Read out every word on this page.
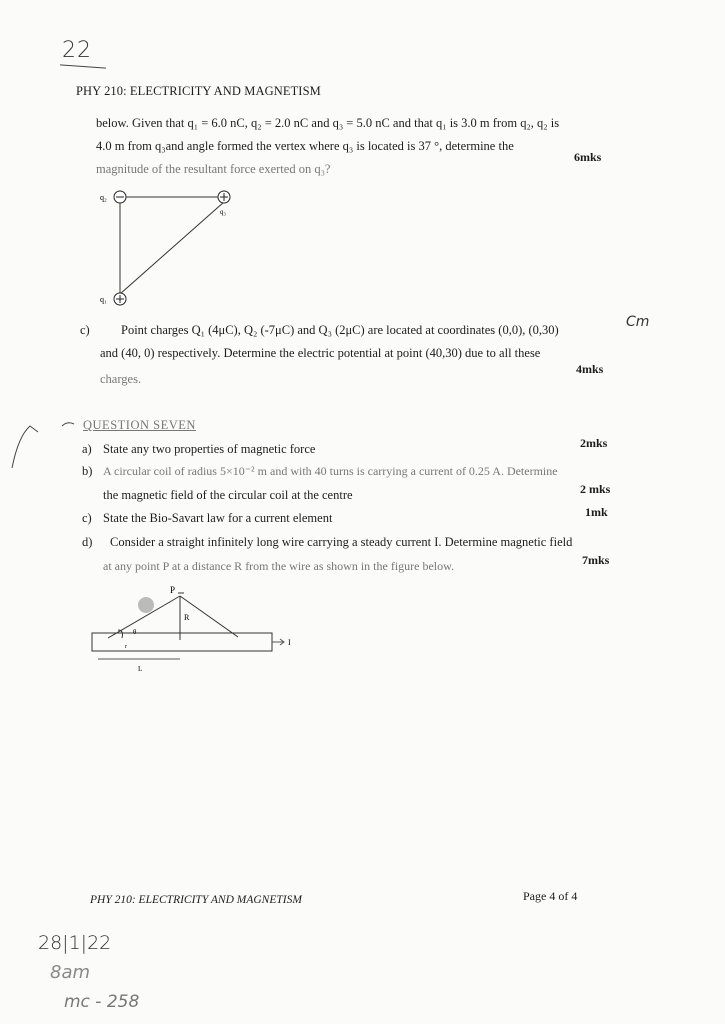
22
PHY 210: ELECTRICITY AND MAGNETISM
below. Given that q₁ = 6.0 nC, q₂ = 2.0 nC and q₃ = 5.0 nC and that q₁ is 3.0 m from q₂, q₂ is
4.0 m from q₃and angle formed the vertex where q₃ is located is 37 °, determine the
magnitude of the resultant force exerted on q₃?
6mks
q₂
q₃
q₁
c)	Point charges Q₁ (4μC), Q₂ (-7μC) and Q₃ (2μC) are located at coordinates (0,0), (0,30)	Cm
and (40, 0) respectively. Determine the electric potential at point (40,30) due to all these
charges.
4mks
QUESTION SEVEN
a) State any two properties of magnetic force	2mks
b) A circular coil of radius 5×10⁻² m and with 40 turns is carrying a current of 0.25 A. Determine
the magnetic field of the circular coil at the centre	2 mks
c) State the Bio-Savart law for a current element	1mk
d) Consider a straight infinitely long wire carrying a steady current I. Determine magnetic field
at any point P at a distance R from the wire as shown in the figure below.	7mks
P
R
θ
r
L
I
PHY 210: ELECTRICITY AND MAGNETISM	Page 4 of 4
28|1|22
8am
mc - 258
